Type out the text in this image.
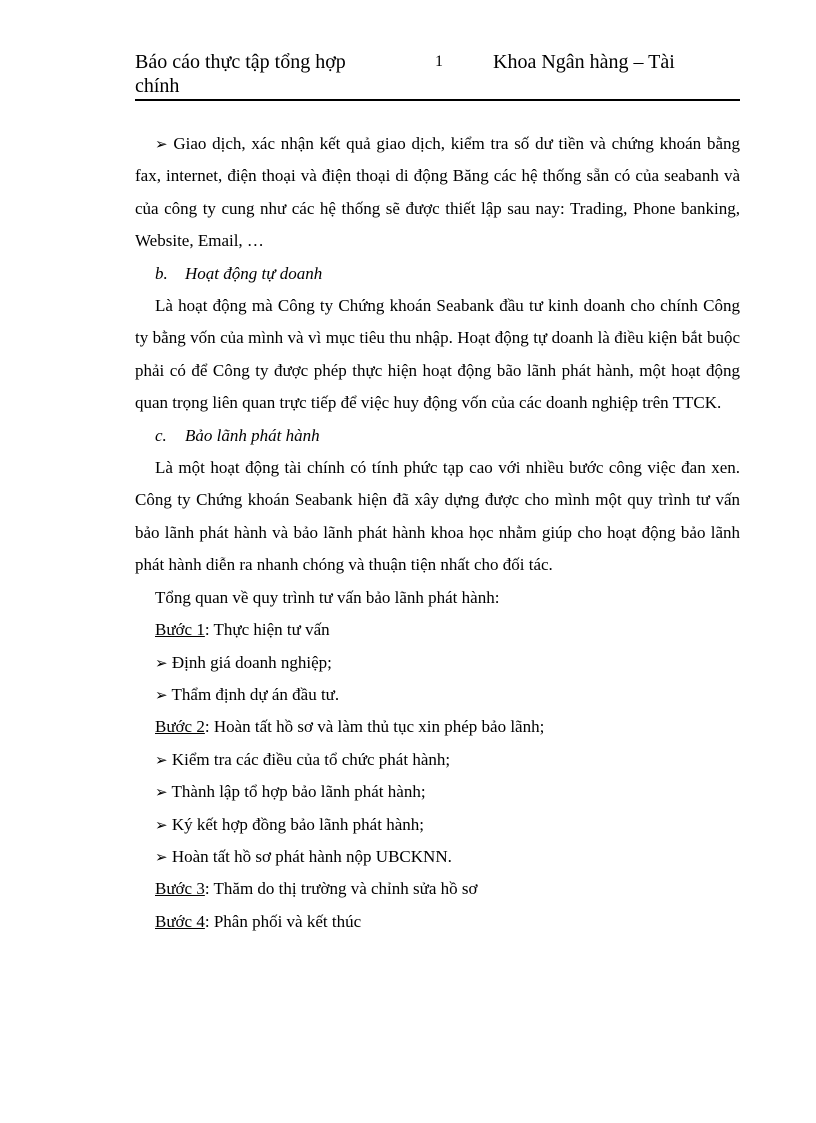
Báo cáo thực tập tổng hợp chính
1	Khoa Ngân hàng – Tài

➢ Giao dịch, xác nhận kết quả giao dịch, kiểm tra số dư tiền và chứng khoán bằng fax, internet, điện thoại và điện thoại di động Băng các hệ thống sẵn có của seabanh và của công ty cung như các hệ thống sẽ được thiết lập sau nay: Trading, Phone banking, Website, Email, …

b. Hoạt động tự doanh

Là hoạt động mà Công ty Chứng khoán Seabank đầu tư kinh doanh cho chính Công ty bằng vốn của mình và vì mục tiêu thu nhập. Hoạt động tự doanh là điều kiện bắt buộc phải có để Công ty được phép thực hiện hoạt động bão lãnh phát hành, một hoạt động quan trọng liên quan trực tiếp để việc huy động vốn của các doanh nghiệp trên TTCK.

c. Bảo lãnh phát hành

Là một hoạt động tài chính có tính phức tạp cao với nhiều bước công việc đan xen. Công ty Chứng khoán Seabank hiện đã xây dựng được cho mình một quy trình tư vấn bảo lãnh phát hành và bảo lãnh phát hành khoa học nhằm giúp cho hoạt động bảo lãnh phát hành diễn ra nhanh chóng và thuận tiện nhất cho đối tác.

Tổng quan về quy trình tư vấn bảo lãnh phát hành:

Bước 1: Thực hiện tư vấn

➢ Định giá doanh nghiệp;

➢ Thẩm định dự án đầu tư.

Bước 2: Hoàn tất hồ sơ và làm thủ tục xin phép bảo lãnh;

➢ Kiểm tra các điều của tổ chức phát hành;

➢ Thành lập tổ hợp bảo lãnh phát hành;

➢ Ký kết hợp đồng bảo lãnh phát hành;

➢ Hoàn tất hồ sơ phát hành nộp UBCKNN.

Bước 3: Thăm do thị trường và chỉnh sửa hồ sơ

Bước 4: Phân phối và kết thúc
